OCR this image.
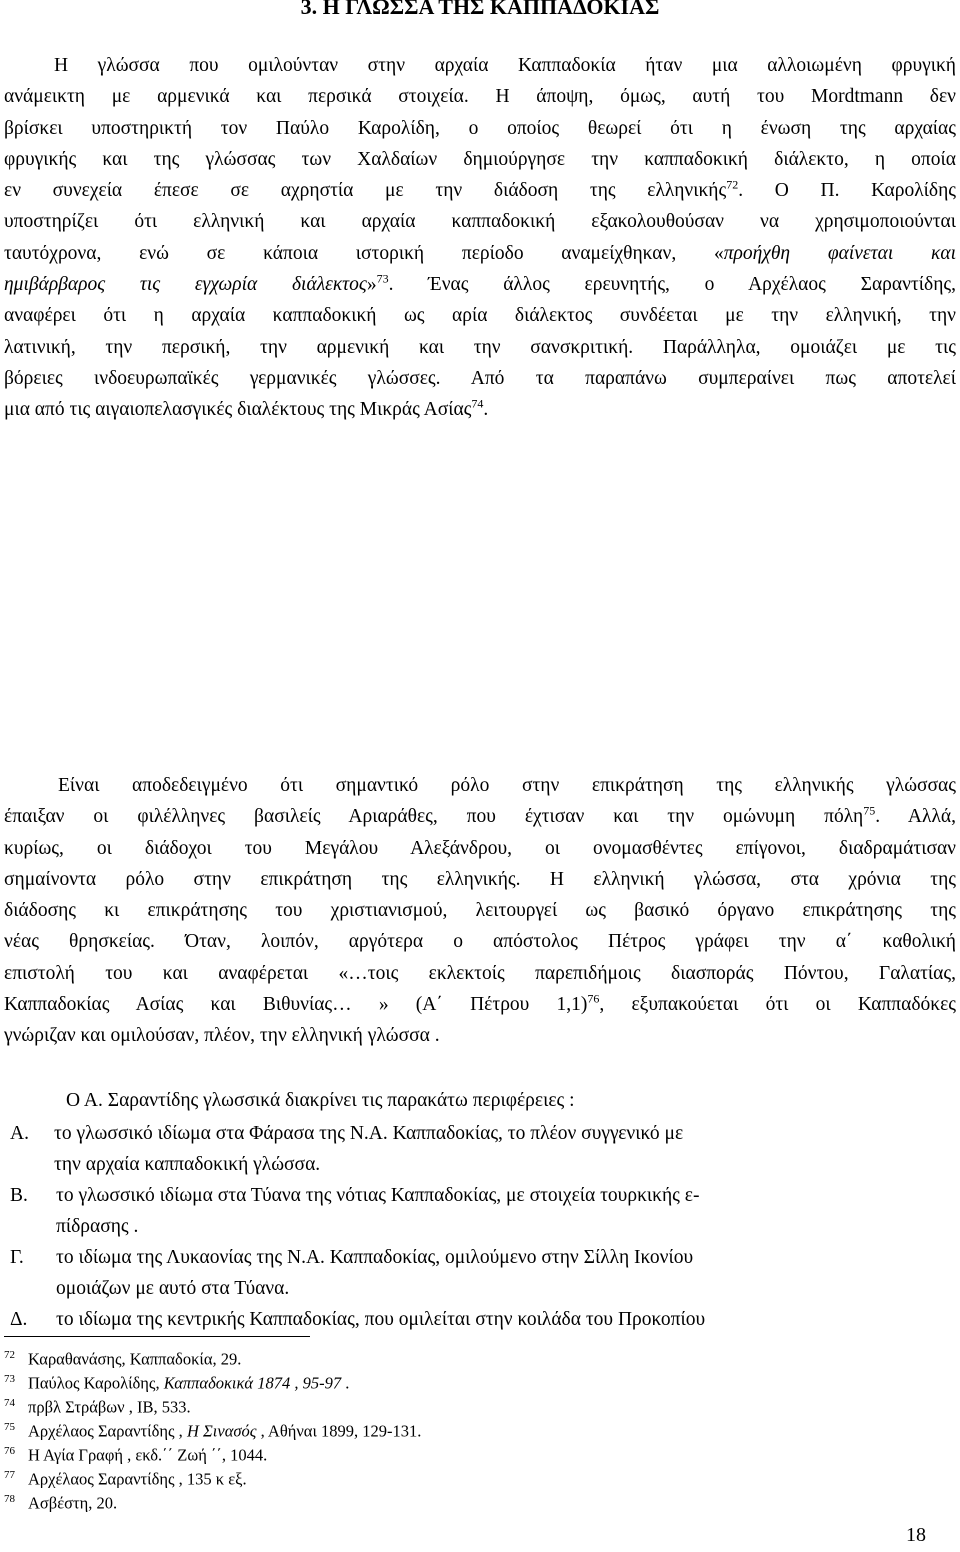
3. Η ΓΛΩΣΣΑ ΤΗΣ ΚΑΠΠΑΔΟΚΙΑΣ
Η γλώσσα που ομιλούνταν στην αρχαία Καππαδοκία ήταν μια αλλοιωμένη φρυγική
ανάμεικτη με αρμενικά και περσικά στοιχεία. Η άποψη, όμως, αυτή του Mordtmann δεν
βρίσκει υποστηρικτή τον Παύλο Καρολίδη, ο οποίος θεωρεί ότι η ένωση της αρχαίας
φρυγικής και της γλώσσας των Χαλδαίων δημιούργησε την καππαδοκική διάλεκτο, η οποία
εν συνεχεία έπεσε σε αχρηστία με την διάδοση της ελληνικής$^{72}$. Ο Π. Καρολίδης
υποστηρίζει ότι ελληνική και αρχαία καππαδοκική εξακολουθούσαν να χρησιμοποιούνται
ταυτόχρονα, ενώ σε κάποια ιστορική περίοδο αναμείχθηκαν, «προήχθη φαίνεται και
ημιβάρβαρος τις εγχωρία διάλεκτος»$^{73}$. Ένας άλλος ερευνητής, ο Αρχέλαος Σαραντίδης,
αναφέρει ότι η αρχαία καππαδοκική ως αρία διάλεκτος συνδέεται με την ελληνική, την
λατινική, την περσική, την αρμενική και την σανσκριτική. Παράλληλα, ομοιάζει με τις
βόρειες ινδοευρωπαϊκές γερμανικές γλώσσες. Από τα παραπάνω συμπεραίνει πως αποτελεί
μια από τις αιγαιοπελασγικές διαλέκτους της Μικράς Ασίας$^{74}$.
Είναι αποδεδειγμένο ότι σημαντικό ρόλο στην επικράτηση της ελληνικής γλώσσας
έπαιξαν οι φιλέλληνες βασιλείς Αριαράθες, που έχτισαν και την ομώνυμη πόλη$^{75}$. Αλλά,
κυρίως, οι διάδοχοι του Μεγάλου Αλεξάνδρου, οι ονομασθέντες επίγονοι, διαδραμάτισαν
σημαίνοντα ρόλο στην επικράτηση της ελληνικής. Η ελληνική γλώσσα, στα χρόνια της
διάδοσης κι επικράτησης του χριστιανισμού, λειτουργεί ως βασικό όργανο επικράτησης της
νέας θρησκείας. Όταν, λοιπόν, αργότερα ο απόστολος Πέτρος γράφει την α΄ καθολική
επιστολή του και αναφέρεται «…τοις εκλεκτοίς παρεπιδήμοις διασποράς Πόντου, Γαλατίας,
Καππαδοκίας Ασίας και Βιθυνίας… » (Α΄ Πέτρου 1,1)$^{76}$, εξυπακούεται ότι οι Καππαδόκες
γνώριζαν και ομιλούσαν, πλέον, την ελληνική γλώσσα .
Ο Α. Σαραντίδης γλωσσικά διακρίνει τις παρακάτω περιφέρειες :
Α.	το γλωσσικό ιδίωμα στα Φάρασα της Ν.Α. Καππαδοκίας, το πλέον συγγενικό με
την αρχαία καππαδοκική γλώσσα.
Β.	το γλωσσικό ιδίωμα στα Τύανα της νότιας Καππαδοκίας, με στοιχεία τουρκικής ε-
πίδρασης .
Γ.	το ιδίωμα της Λυκαονίας της Ν.Α. Καππαδοκίας, ομιλούμενο στην Σίλλη Ικονίου
ομοιάζων με αυτό στα Τύανα.
Δ.	το ιδίωμα της κεντρικής Καππαδοκίας, που ομιλείται στην κοιλάδα του Προκοπίου
72 Καραθανάσης, Καππαδοκία, 29.
73 Παύλος Καρολίδης, Καππαδοκικά 1874 , 95-97 .
74 πρβλ Στράβων , ΙΒ, 533.
75 Αρχέλαος Σαραντίδης , Η Σινασός , Αθήναι 1899, 129-131.
76 Η Αγία Γραφή , εκδ.΄΄ Ζωή ΄΄, 1044.
77 Αρχέλαος Σαραντίδης , 135 κ εξ.
78 Ασβέστη, 20.
18
